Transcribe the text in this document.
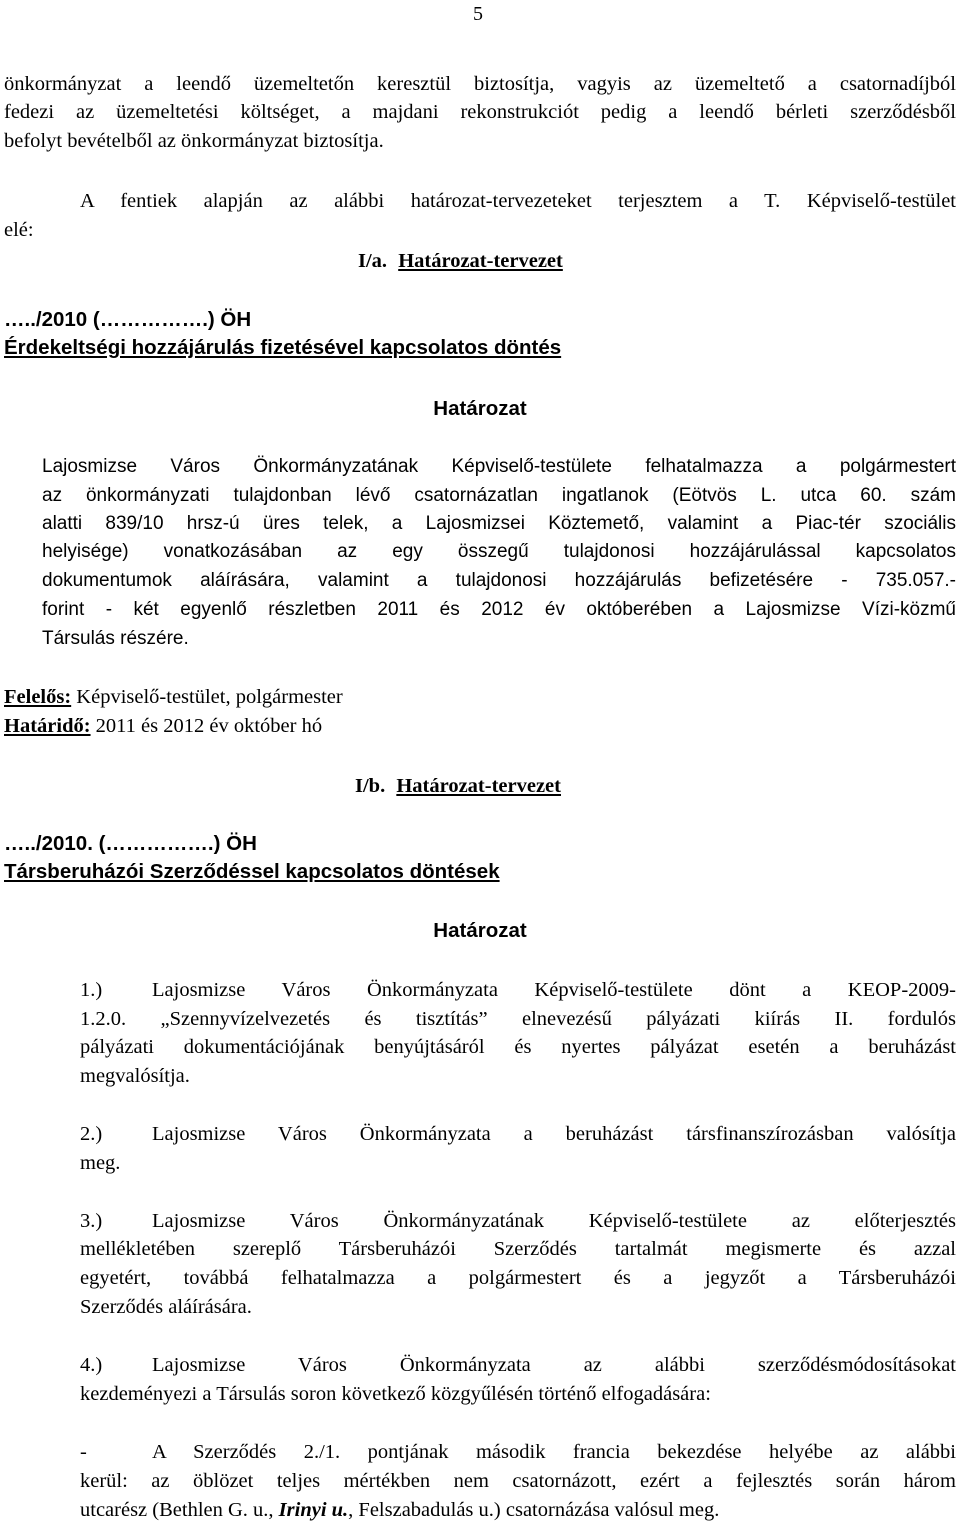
5
önkormányzat a leendő üzemeltetőn keresztül biztosítja, vagyis az üzemeltető a csatornadíjból
fedezi az üzemeltetési költséget, a majdani rekonstrukciót pedig a leendő bérleti szerződésből
befolyt bevételből az önkormányzat biztosítja.
A fentiek alapján az alábbi határozat-tervezeteket terjesztem a T. Képviselő-testület
elé:
I/a. Határozat-tervezet
…../2010 (…………….) ÖH
Érdekeltségi hozzájárulás fizetésével kapcsolatos döntés
Határozat
Lajosmizse Város Önkormányzatának Képviselő-testülete felhatalmazza a polgármestert
az önkormányzati tulajdonban lévő csatornázatlan ingatlanok (Eötvös L. utca 60. szám
alatti 839/10 hrsz-ú üres telek, a Lajosmizsei Köztemető, valamint a Piac-tér szociális
helyisége) vonatkozásában az egy összegű tulajdonosi hozzájárulással kapcsolatos
dokumentumok aláírására, valamint a tulajdonosi hozzájárulás befizetésére - 735.057.-
forint - két egyenlő részletben 2011 és 2012 év októberében a Lajosmizse Vízi-közmű
Társulás részére.
Felelős: Képviselő-testület, polgármester
Határidő: 2011 és 2012 év október hó
I/b. Határozat-tervezet
…../2010. (…………….) ÖH
Társberuházói Szerződéssel kapcsolatos döntések
Határozat
1.) Lajosmizse Város Önkormányzata Képviselő-testülete dönt a KEOP-2009-
1.2.0. „Szennyvízelvezetés és tisztítás” elnevezésű pályázati kiírás II. fordulós
pályázati dokumentációjának benyújtásáról és nyertes pályázat esetén a beruházást
megvalósítja.
2.) Lajosmizse Város Önkormányzata a beruházást társfinanszírozásban valósítja
meg.
3.) Lajosmizse Város Önkormányzatának Képviselő-testülete az előterjesztés
mellékletében szereplő Társberuházói Szerződés tartalmát megismerte és azzal
egyetért, továbbá felhatalmazza a polgármestert és a jegyzőt a Társberuházói
Szerződés aláírására.
4.) Lajosmizse Város Önkormányzata az alábbi szerződésmódosításokat
kezdeményezi a Társulás soron következő közgyűlésén történő elfogadására:
-	A Szerződés 2./1. pontjának második francia bekezdése helyébe az alábbi
kerül: az öblözet teljes mértékben nem csatornázott, ezért a fejlesztés során három
utcarész (Bethlen G. u., Irinyi u., Felszabadulás u.) csatornázása valósul meg.
